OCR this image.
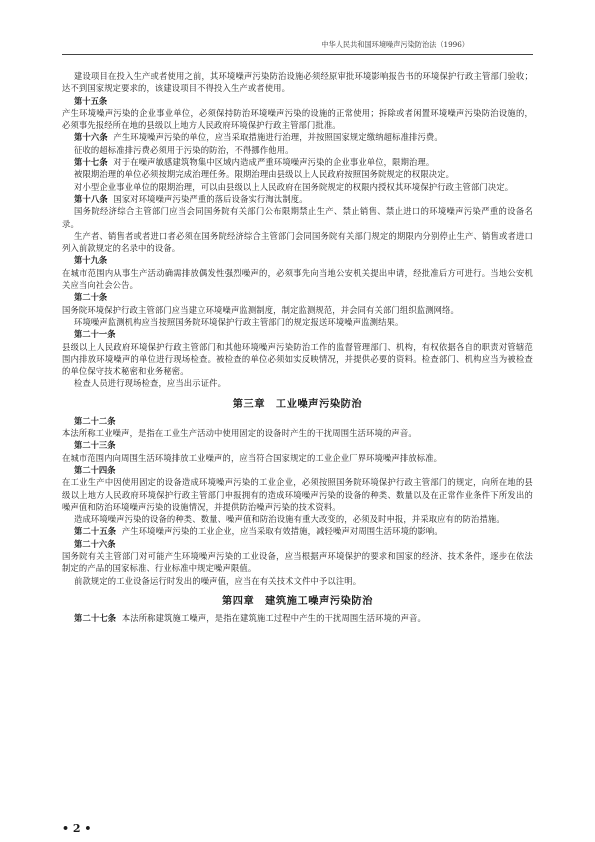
中华人民共和国环境噪声污染防治法（1996）

建设项目在投入生产或者使用之前，其环境噪声污染防治设施必须经原审批环境影响报告书的环境保护行政主管部门验收；达不到国家规定要求的，该建设项目不得投入生产或者使用。

第十五条

产生环境噪声污染的企业事业单位，必须保持防治环境噪声污染的设施的正常使用；拆除或者闲置环境噪声污染防治设施的，必须事先报经所在地的县级以上地方人民政府环境保护行政主管部门批准。

第十六条 产生环境噪声污染的单位，应当采取措施进行治理，并按照国家规定缴纳超标准排污费。

征收的超标准排污费必须用于污染的防治，不得挪作他用。

第十七条 对于在噪声敏感建筑物集中区域内造成严重环境噪声污染的企业事业单位，限期治理。

被限期治理的单位必须按期完成治理任务。限期治理由县级以上人民政府按照国务院规定的权限决定。

对小型企业事业单位的限期治理，可以由县级以上人民政府在国务院规定的权限内授权其环境保护行政主管部门决定。

第十八条 国家对环境噪声污染严重的落后设备实行淘汰制度。

国务院经济综合主管部门应当会同国务院有关部门公布限期禁止生产、禁止销售、禁止进口的环境噪声污染严重的设备名录。

生产者、销售者或者进口者必须在国务院经济综合主管部门会同国务院有关部门规定的期限内分别停止生产、销售或者进口列入前款规定的名录中的设备。

第十九条

在城市范围内从事生产活动确需排放偶发性强烈噪声的，必须事先向当地公安机关提出申请，经批准后方可进行。当地公安机关应当向社会公告。

第二十条

国务院环境保护行政主管部门应当建立环境噪声监测制度，制定监测规范，并会同有关部门组织监测网络。

环境噪声监测机构应当按照国务院环境保护行政主管部门的规定报送环境噪声监测结果。

第二十一条

县级以上人民政府环境保护行政主管部门和其他环境噪声污染防治工作的监督管理部门、机构，有权依据各自的职责对管辖范围内排放环境噪声的单位进行现场检查。被检查的单位必须如实反映情况，并提供必要的资料。检查部门、机构应当为被检查的单位保守技术秘密和业务秘密。

检查人员进行现场检查，应当出示证件。

第三章　工业噪声污染防治

第二十二条

本法所称工业噪声，是指在工业生产活动中使用固定的设备时产生的干扰周围生活环境的声音。

第二十三条

在城市范围内向周围生活环境排放工业噪声的，应当符合国家规定的工业企业厂界环境噪声排放标准。

第二十四条

在工业生产中因使用固定的设备造成环境噪声污染的工业企业，必须按照国务院环境保护行政主管部门的规定，向所在地的县级以上地方人民政府环境保护行政主管部门申报拥有的造成环境噪声污染的设备的种类、数量以及在正常作业条件下所发出的噪声值和防治环境噪声污染的设施情况，并提供防治噪声污染的技术资料。

造成环境噪声污染的设备的种类、数量、噪声值和防治设施有重大改变的，必须及时申报，并采取应有的防治措施。

第二十五条 产生环境噪声污染的工业企业，应当采取有效措施，减轻噪声对周围生活环境的影响。

第二十六条

国务院有关主管部门对可能产生环境噪声污染的工业设备，应当根据声环境保护的要求和国家的经济、技术条件，逐步在依法制定的产品的国家标准、行业标准中规定噪声限值。

前款规定的工业设备运行时发出的噪声值，应当在有关技术文件中予以注明。

第四章　建筑施工噪声污染防治

第二十七条 本法所称建筑施工噪声，是指在建筑施工过程中产生的干扰周围生活环境的声音。

• 2 •
